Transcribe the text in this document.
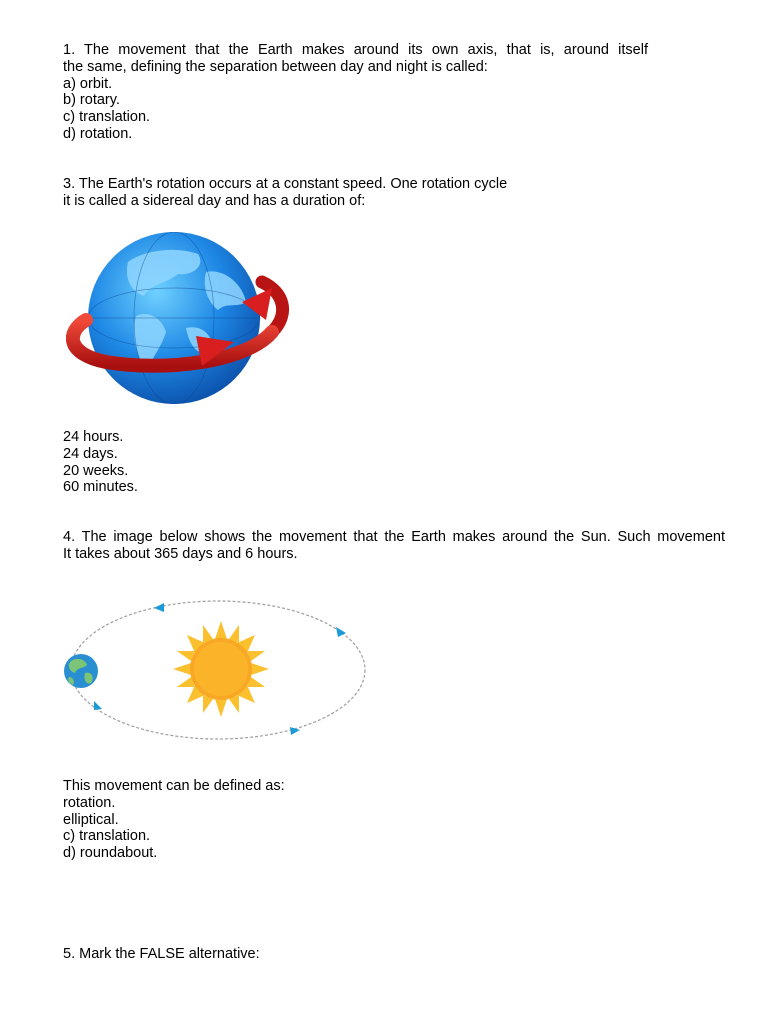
1. The movement that the Earth makes around its own axis, that is, around itself
the same, defining the separation between day and night is called:
a) orbit.
b) rotary.
c) translation.
d) rotation.
3. The Earth's rotation occurs at a constant speed. One rotation cycle
it is called a sidereal day and has a duration of:
24 hours.
24 days.
20 weeks.
60 minutes.
4. The image below shows the movement that the Earth makes around the Sun. Such movement
It takes about 365 days and 6 hours.
This movement can be defined as:
rotation.
elliptical.
c) translation.
d) roundabout.
5. Mark the FALSE alternative:
